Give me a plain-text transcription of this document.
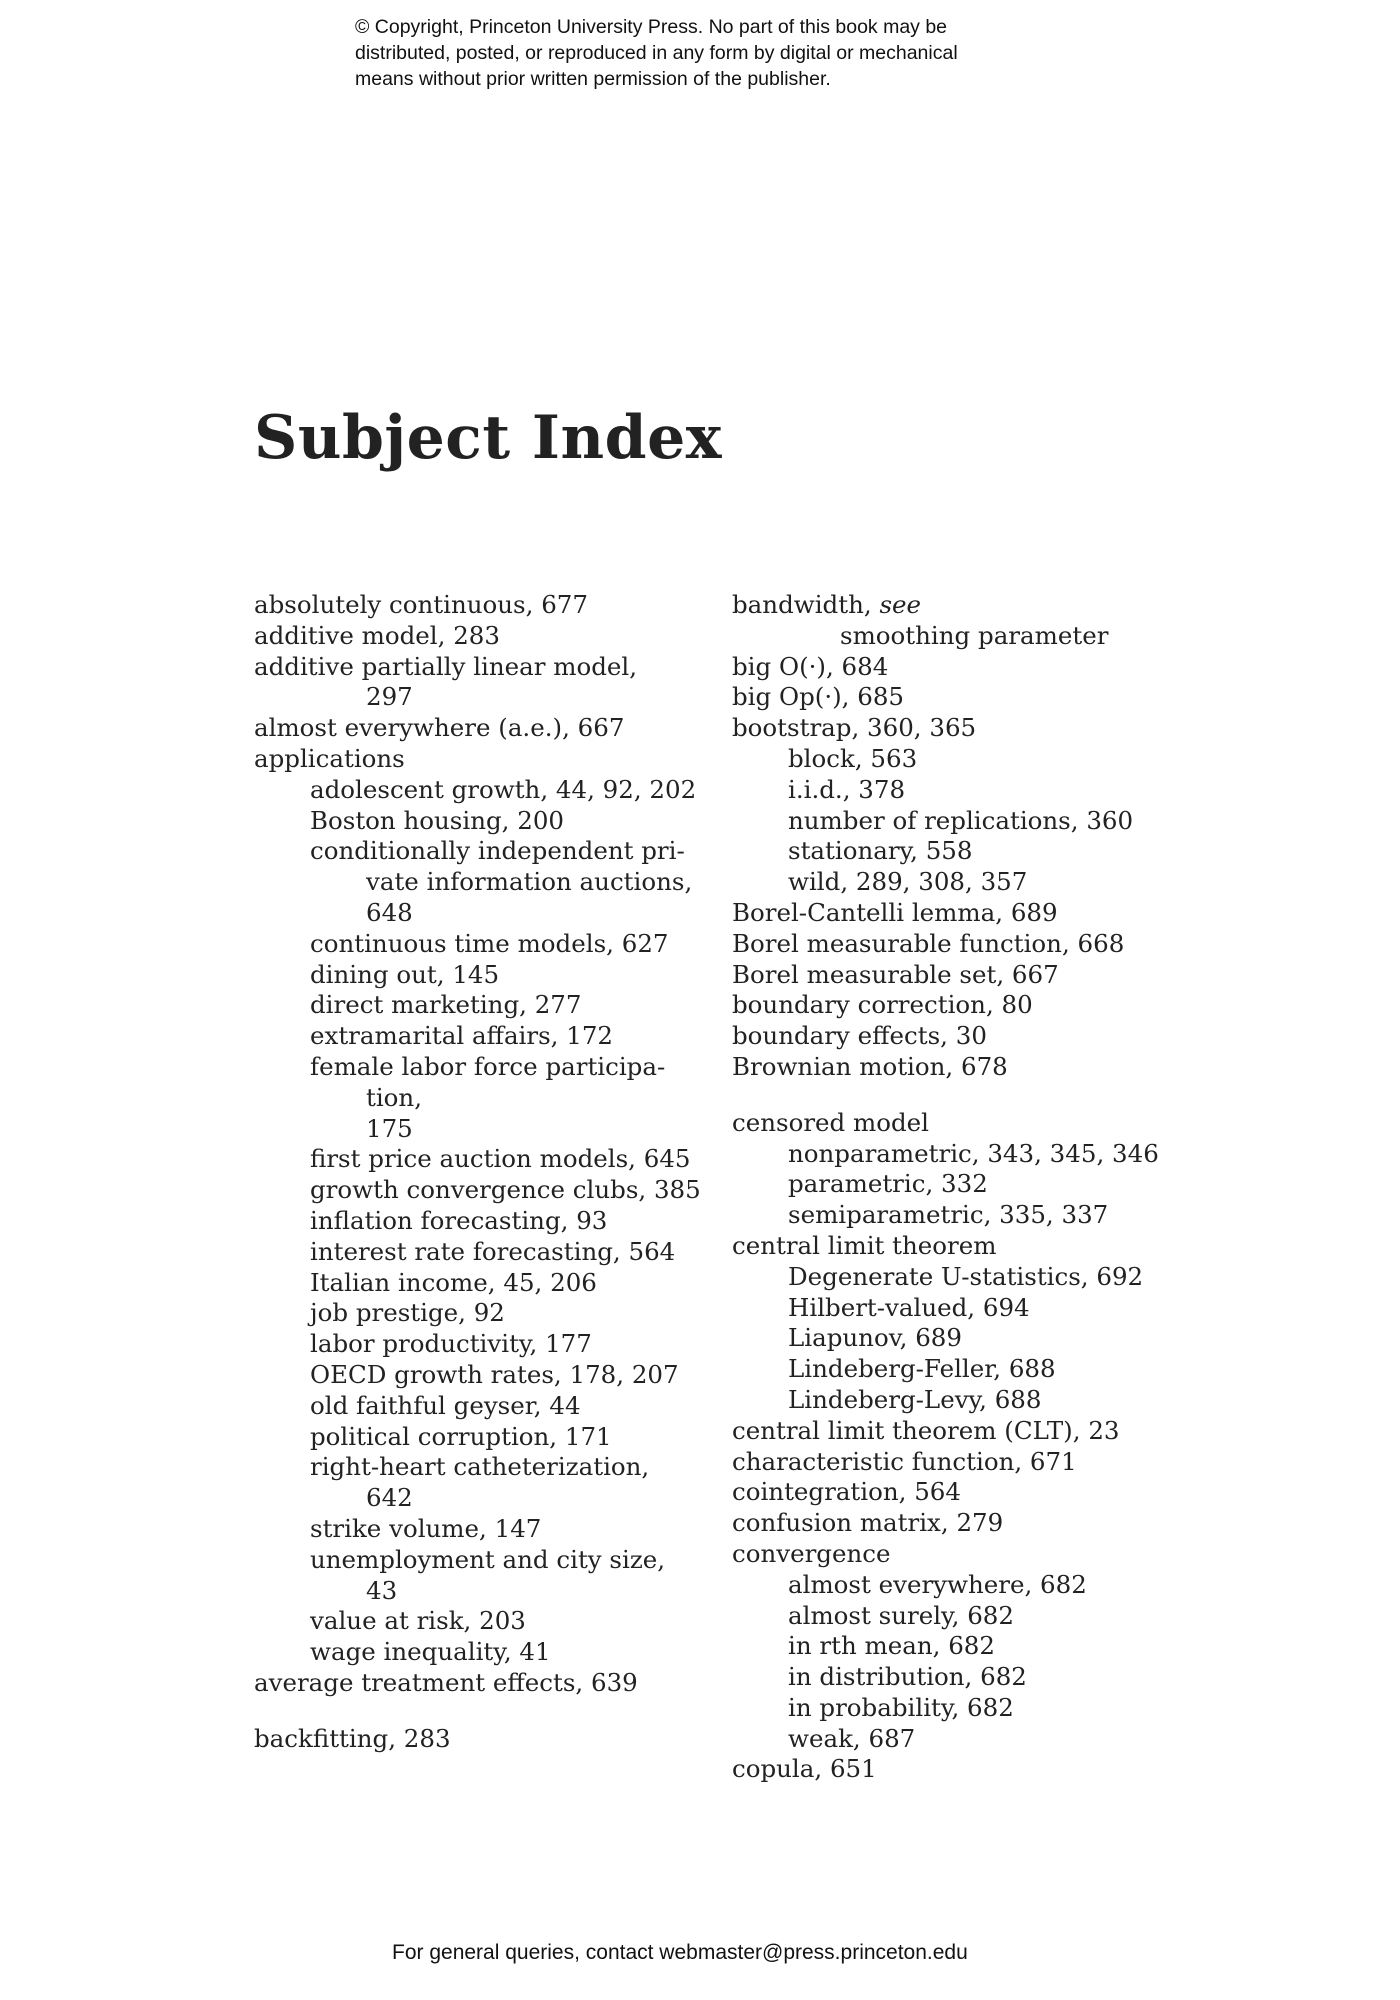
© Copyright, Princeton University Press. No part of this book may be
distributed, posted, or reproduced in any form by digital or mechanical
means without prior written permission of the publisher.
Subject Index
absolutely continuous, 677
additive model, 283
additive partially linear model,
297
almost everywhere (a.e.), 667
applications
adolescent growth, 44, 92, 202
Boston housing, 200
conditionally independent pri-
vate information auctions,
648
continuous time models, 627
dining out, 145
direct marketing, 277
extramarital affairs, 172
female labor force participa-
tion,
175
first price auction models, 645
growth convergence clubs, 385
inflation forecasting, 93
interest rate forecasting, 564
Italian income, 45, 206
job prestige, 92
labor productivity, 177
OECD growth rates, 178, 207
old faithful geyser, 44
political corruption, 171
right-heart catheterization,
642
strike volume, 147
unemployment and city size,
43
value at risk, 203
wage inequality, 41
average treatment effects, 639
backfitting, 283
bandwidth, see
smoothing parameter
big O(·), 684
big Op(·), 685
bootstrap, 360, 365
block, 563
i.i.d., 378
number of replications, 360
stationary, 558
wild, 289, 308, 357
Borel-Cantelli lemma, 689
Borel measurable function, 668
Borel measurable set, 667
boundary correction, 80
boundary effects, 30
Brownian motion, 678
censored model
nonparametric, 343, 345, 346
parametric, 332
semiparametric, 335, 337
central limit theorem
Degenerate U-statistics, 692
Hilbert-valued, 694
Liapunov, 689
Lindeberg-Feller, 688
Lindeberg-Levy, 688
central limit theorem (CLT), 23
characteristic function, 671
cointegration, 564
confusion matrix, 279
convergence
almost everywhere, 682
almost surely, 682
in rth mean, 682
in distribution, 682
in probability, 682
weak, 687
copula, 651
For general queries, contact webmaster@press.princeton.edu
